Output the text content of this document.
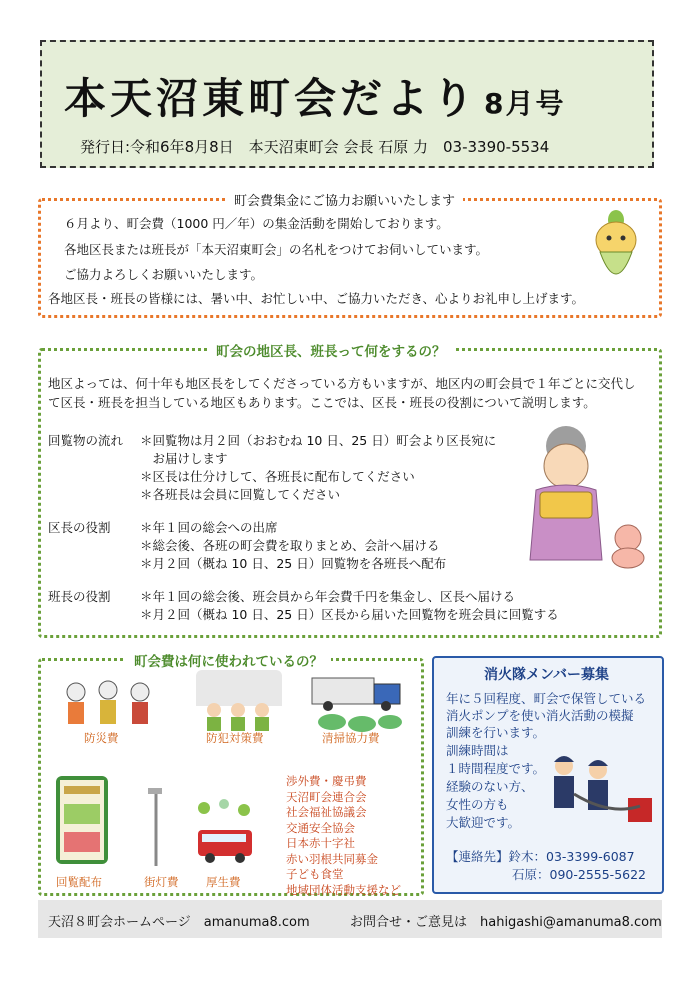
本天沼東町会だより 8月号
発行日:令和6年8月8日　本天沼東町会 会長 石原 力　03-3390-5534
町会費集金にご協力お願いいたします
６月より、町会費（1000 円／年）の集金活動を開始しております。
各地区長または班長が「本天沼東町会」の名札をつけてお伺いしています。
ご協力よろしくお願いいたします。
各地区長・班長の皆様には、暑い中、お忙しい中、ご協力いただき、心よりお礼申し上げます。
町会の地区長、班長って何をするの？
地区よっては、何十年も地区長をしてくださっている方もいますが、地区内の町会員で１年ごとに交代し
て区長・班長を担当している地区もあります。ここでは、区長・班長の役割について説明します。
回覧物の流れ ＊回覧物は月２回（おおむね 10 日、25 日）町会より区長宛に
　お届けします
＊区長は仕分けして、各班長に配布してください
＊各班長は会員に回覧してください
区長の役割 ＊年１回の総会への出席
＊総会後、各班の町会費を取りまとめ、会計へ届ける
＊月２回（概ね 10 日、25 日）回覧物を各班長へ配布
班長の役割 ＊年１回の総会後、班会員から年会費千円を集金し、区長へ届ける
＊月２回（概ね 10 日、25 日）区長から届いた回覧物を班会員に回覧する
町会費は何に使われているの？
防災費	防犯対策費	清掃協力費
回覧配布	街灯費 厚生費
渉外費・慶弔費
天沼町会連合会
社会福祉協議会
交通安全協会
日本赤十字社
赤い羽根共同募金
子ども食堂
地域団体活動支援など
消火隊メンバー募集
年に５回程度、町会で保管している
消火ポンプを使い消火活動の模擬
訓練を行います。
訓練時間は
１時間程度です。
経験のない方、
女性の方も
大歓迎です。
【連絡先】鈴木：03-3399-6087
石原：090-2555-5622
天沼８町会ホームページ　amanuma8.com	お問合せ・ご意見は　hahigashi@amanuma8.com
